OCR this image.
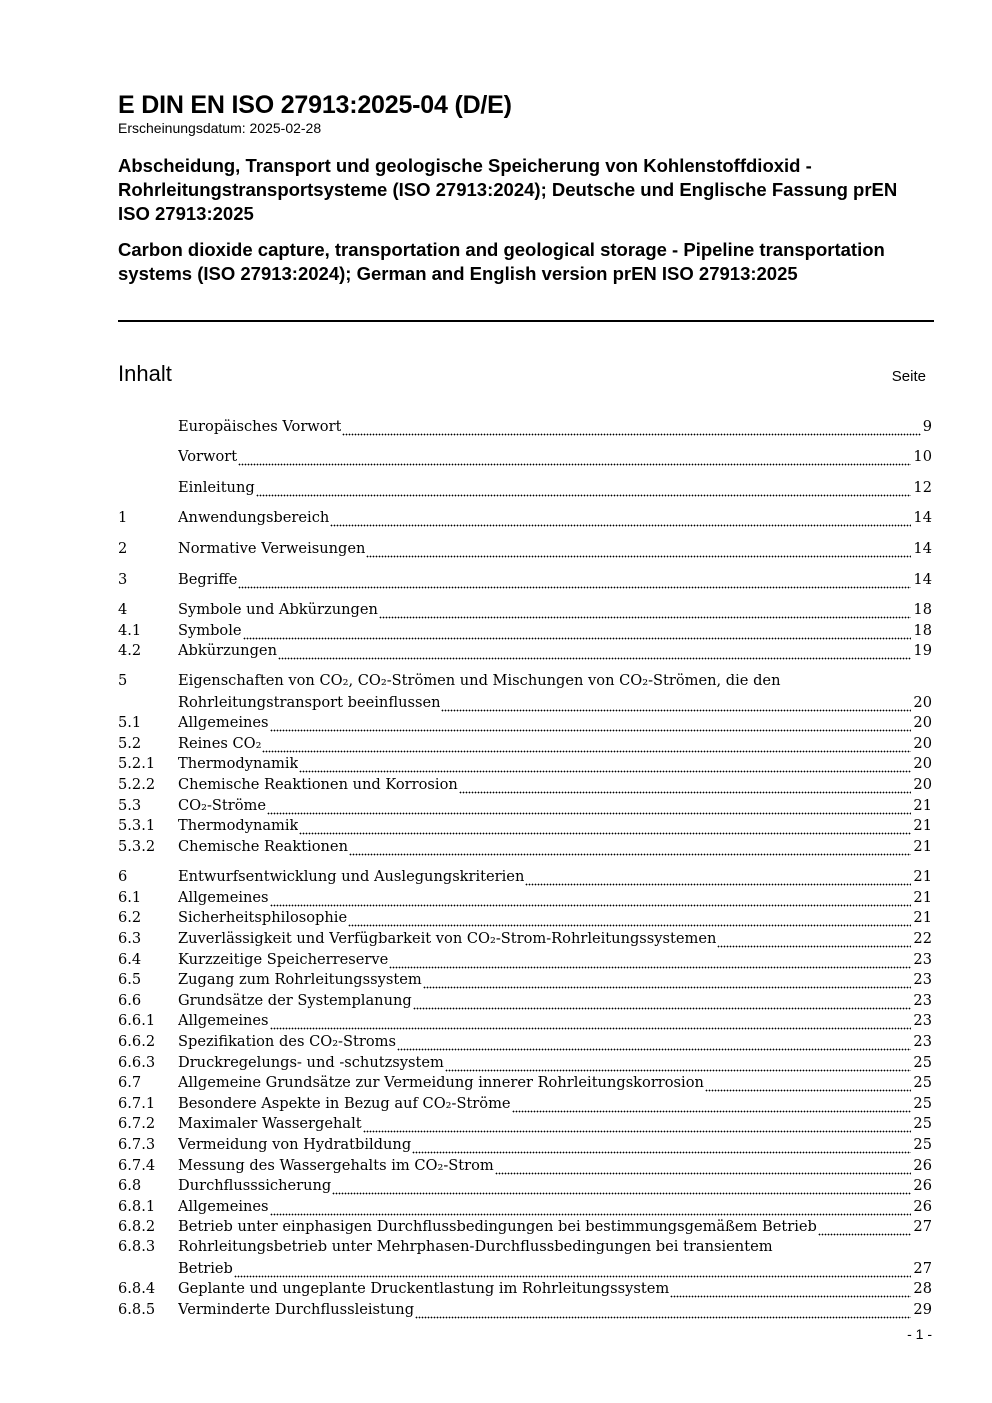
E DIN EN ISO 27913:2025-04 (D/E)
Erscheinungsdatum: 2025-02-28
Abscheidung, Transport und geologische Speicherung von Kohlenstoffdioxid - Rohrleitungstransportsysteme (ISO 27913:2024); Deutsche und Englische Fassung prEN ISO 27913:2025
Carbon dioxide capture, transportation and geological storage - Pipeline transportation systems (ISO 27913:2024); German and English version prEN ISO 27913:2025
Inhalt	Seite
Europäisches Vorwort	9
Vorwort	10
Einleitung	12
1	Anwendungsbereich	14
2	Normative Verweisungen	14
3	Begriffe	14
4	Symbole und Abkürzungen	18
4.1	Symbole	18
4.2	Abkürzungen	19
5	Eigenschaften von CO₂, CO₂-Strömen und Mischungen von CO₂-Strömen, die den
Rohrleitungstransport beeinflussen	20
5.1	Allgemeines	20
5.2	Reines CO₂	20
5.2.1	Thermodynamik	20
5.2.2	Chemische Reaktionen und Korrosion	20
5.3	CO₂-Ströme	21
5.3.1	Thermodynamik	21
5.3.2	Chemische Reaktionen	21
6	Entwurfsentwicklung und Auslegungskriterien	21
6.1	Allgemeines	21
6.2	Sicherheitsphilosophie	21
6.3	Zuverlässigkeit und Verfügbarkeit von CO₂-Strom-Rohrleitungssystemen	22
6.4	Kurzzeitige Speicherreserve	23
6.5	Zugang zum Rohrleitungssystem	23
6.6	Grundsätze der Systemplanung	23
6.6.1	Allgemeines	23
6.6.2	Spezifikation des CO₂-Stroms	23
6.6.3	Druckregelungs- und -schutzsystem	25
6.7	Allgemeine Grundsätze zur Vermeidung innerer Rohrleitungskorrosion	25
6.7.1	Besondere Aspekte in Bezug auf CO₂-Ströme	25
6.7.2	Maximaler Wassergehalt	25
6.7.3	Vermeidung von Hydratbildung	25
6.7.4	Messung des Wassergehalts im CO₂-Strom	26
6.8	Durchflusssicherung	26
6.8.1	Allgemeines	26
6.8.2	Betrieb unter einphasigen Durchflussbedingungen bei bestimmungsgemäßem Betrieb	27
6.8.3 Rohrleitungsbetrieb unter Mehrphasen-Durchflussbedingungen bei transientem
Betrieb	27
6.8.4	Geplante und ungeplante Druckentlastung im Rohrleitungssystem	28
6.8.5	Verminderte Durchflussleistung	29
- 1 -
